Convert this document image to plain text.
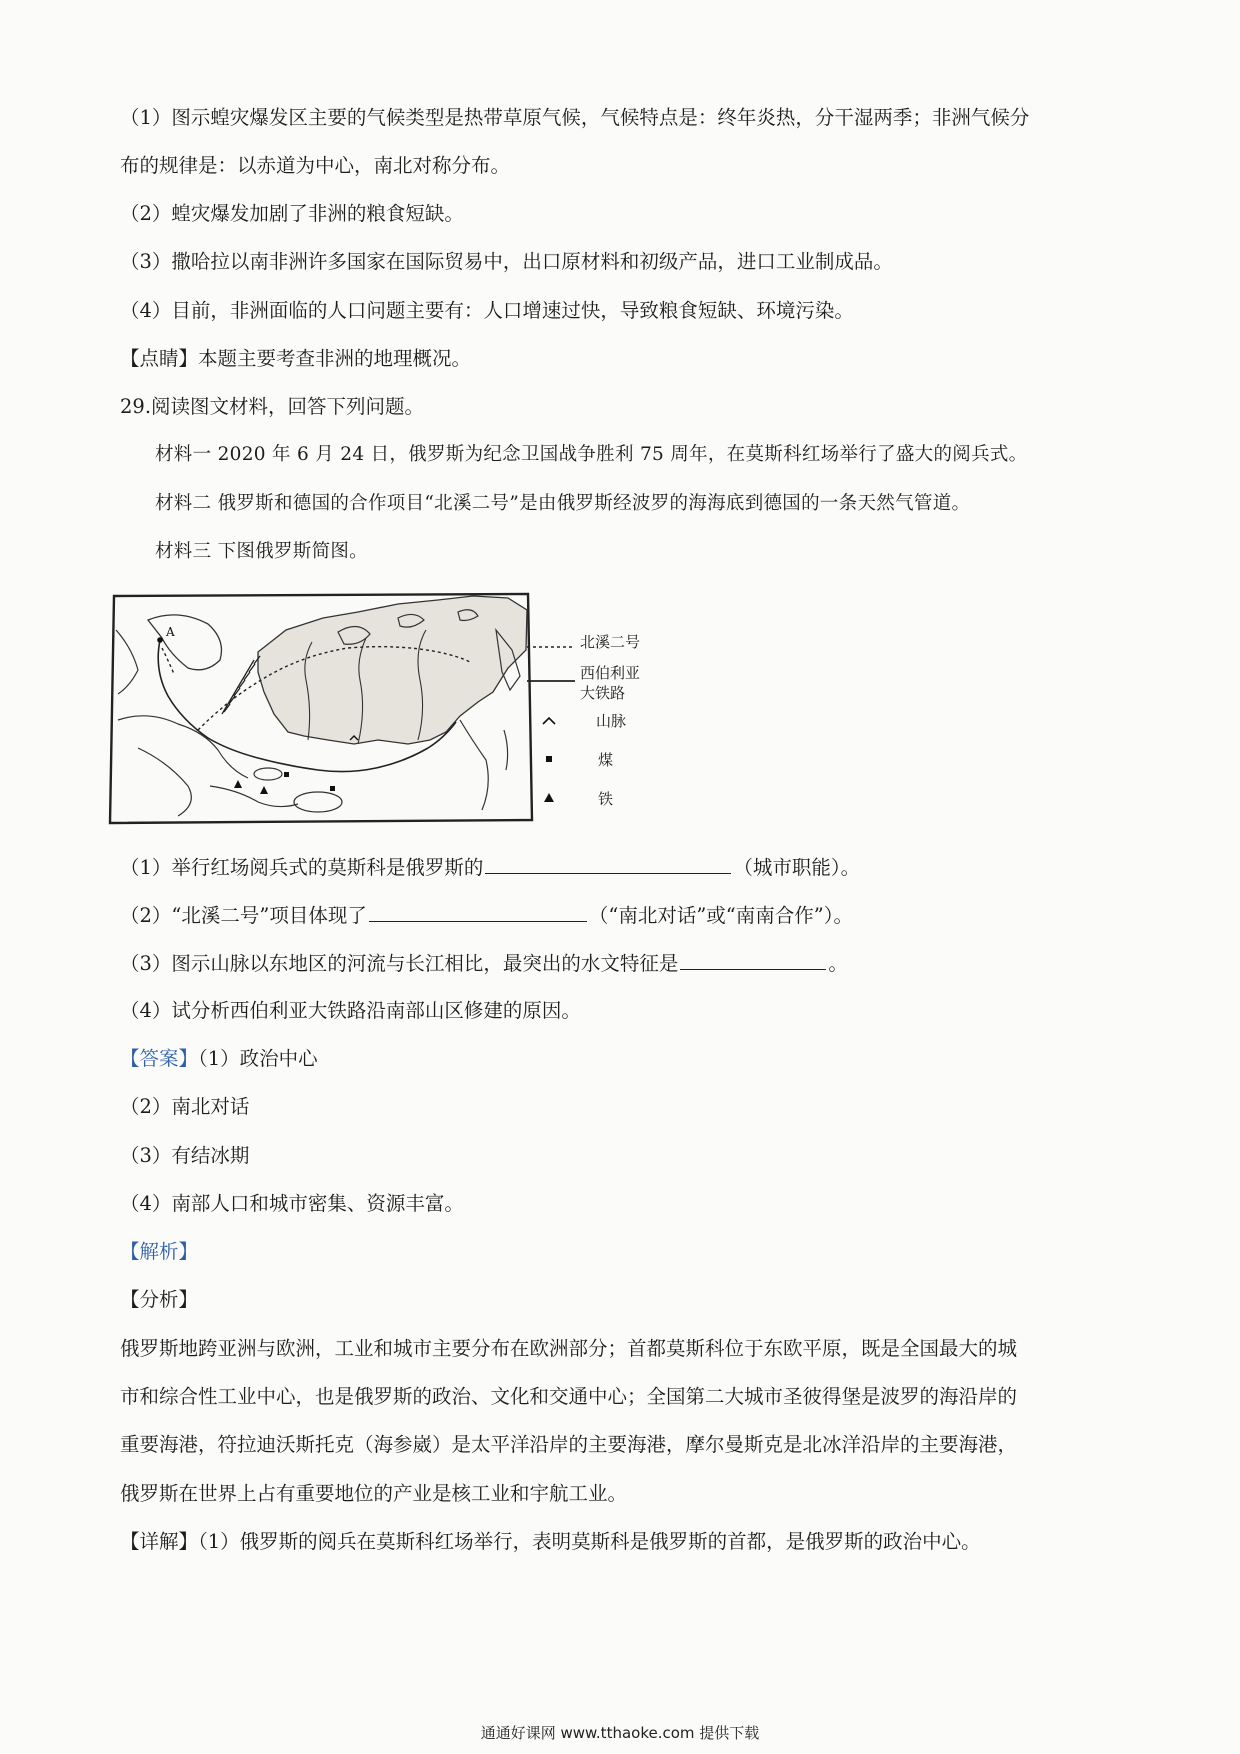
（1）图示蝗灾爆发区主要的气候类型是热带草原气候，气候特点是：终年炎热，分干湿两季；非洲气候分
布的规律是：以赤道为中心，南北对称分布。
（2）蝗灾爆发加剧了非洲的粮食短缺。
（3）撒哈拉以南非洲许多国家在国际贸易中，出口原材料和初级产品，进口工业制成品。
（4）目前，非洲面临的人口问题主要有：人口增速过快，导致粮食短缺、环境污染。
【点睛】本题主要考查非洲的地理概况。
29.阅读图文材料，回答下列问题。
材料一 2020 年 6 月 24 日，俄罗斯为纪念卫国战争胜利 75 周年，在莫斯科红场举行了盛大的阅兵式。
材料二 俄罗斯和德国的合作项目“北溪二号”是由俄罗斯经波罗的海海底到德国的一条天然气管道。
材料三 下图俄罗斯简图。
A
北溪二号
西伯利亚
大铁路
山脉
煤
铁
（1）举行红场阅兵式的莫斯科是俄罗斯的	（城市职能）。
（2）“北溪二号”项目体现了	（“南北对话”或“南南合作”）。
（3）图示山脉以东地区的河流与长江相比，最突出的水文特征是	。
（4）试分析西伯利亚大铁路沿南部山区修建的原因。
【答案】（1）政治中心
（2）南北对话
（3）有结冰期
（4）南部人口和城市密集、资源丰富。
【解析】
【分析】
俄罗斯地跨亚洲与欧洲，工业和城市主要分布在欧洲部分；首都莫斯科位于东欧平原，既是全国最大的城
市和综合性工业中心，也是俄罗斯的政治、文化和交通中心；全国第二大城市圣彼得堡是波罗的海沿岸的
重要海港，符拉迪沃斯托克（海参崴）是太平洋沿岸的主要海港，摩尔曼斯克是北冰洋沿岸的主要海港，
俄罗斯在世界上占有重要地位的产业是核工业和宇航工业。
【详解】（1）俄罗斯的阅兵在莫斯科红场举行，表明莫斯科是俄罗斯的首都，是俄罗斯的政治中心。
通通好课网 www.tthaoke.com 提供下载
